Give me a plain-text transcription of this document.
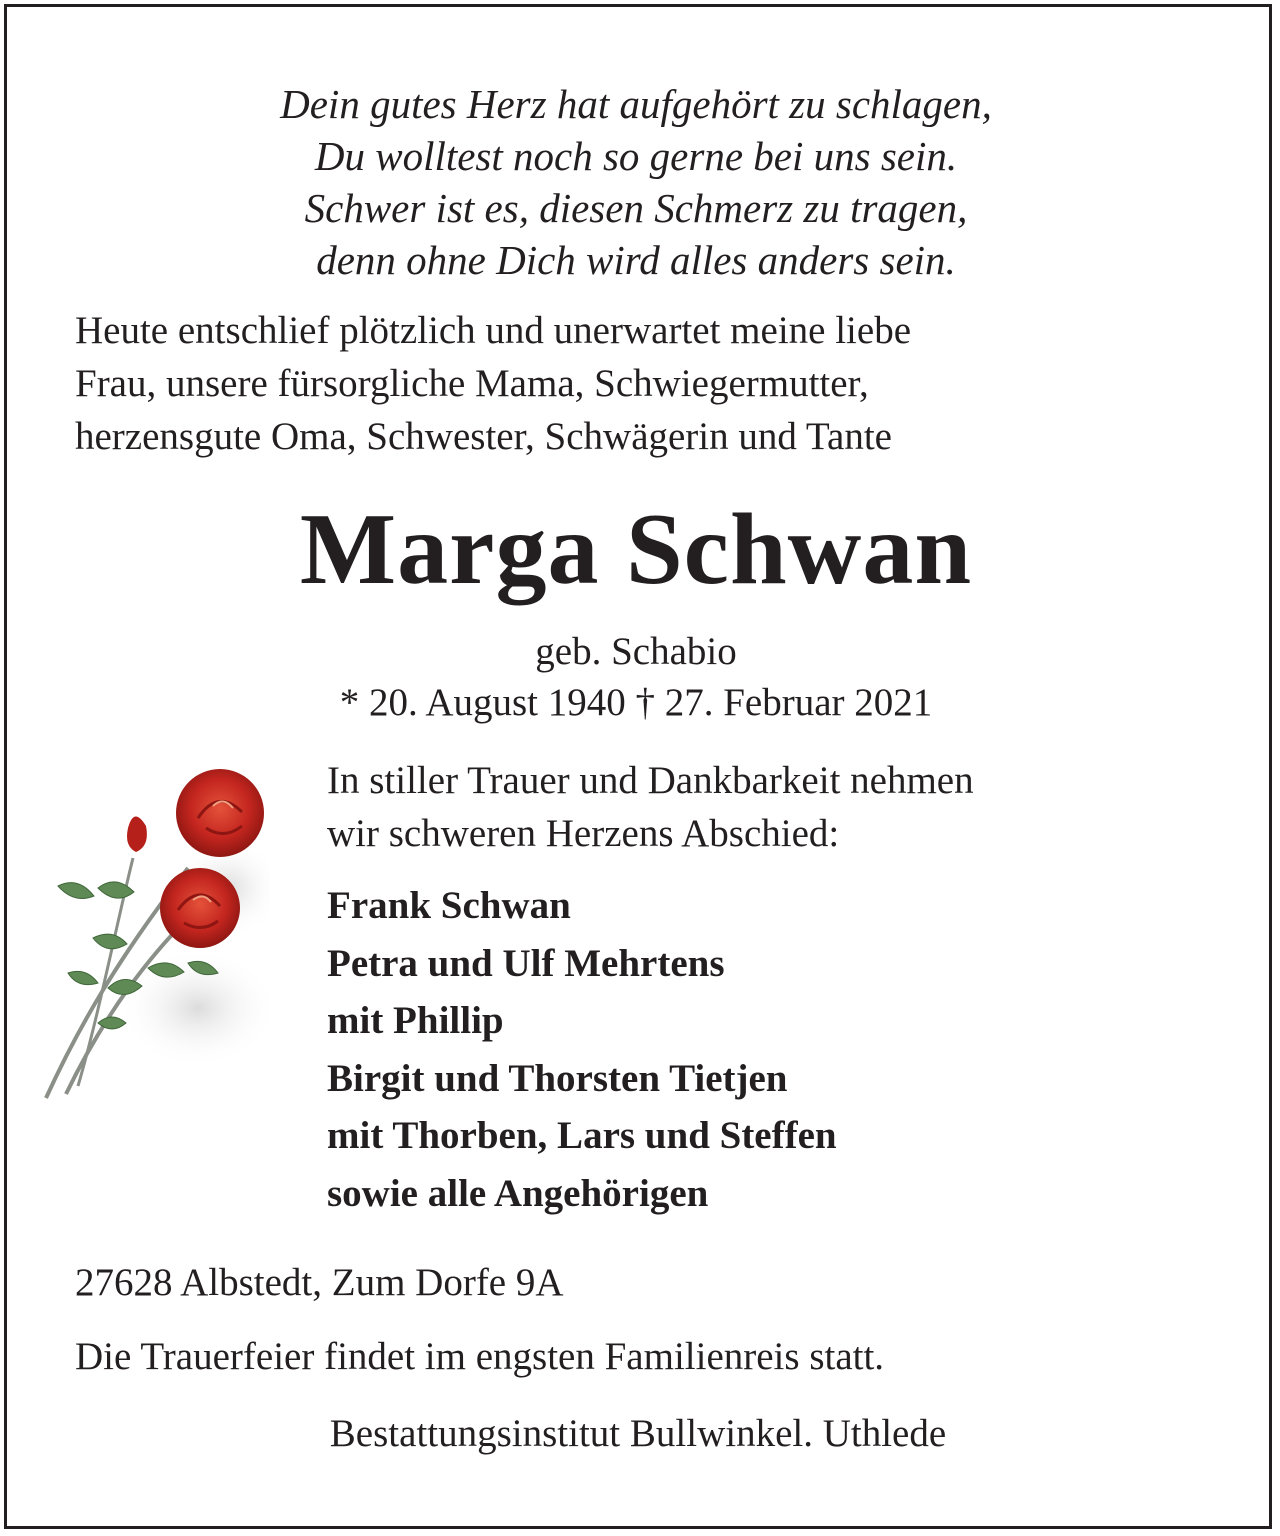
Dein gutes Herz hat aufgehört zu schlagen,
Du wolltest noch so gerne bei uns sein.
Schwer ist es, diesen Schmerz zu tragen,
denn ohne Dich wird alles anders sein.
Heute entschlief plötzlich und unerwartet meine liebe
Frau, unsere fürsorgliche Mama, Schwiegermutter,
herzensgute Oma, Schwester, Schwägerin und Tante
Marga Schwan
geb. Schabio
* 20. August 1940 † 27. Februar 2021
In stiller Trauer und Dankbarkeit nehmen
wir schweren Herzens Abschied:
Frank Schwan
Petra und Ulf Mehrtens
mit Phillip
Birgit und Thorsten Tietjen
mit Thorben, Lars und Steffen
sowie alle Angehörigen
27628 Albstedt, Zum Dorfe 9A
Die Trauerfeier findet im engsten Familienreis statt.
Bestattungsinstitut Bullwinkel. Uthlede
